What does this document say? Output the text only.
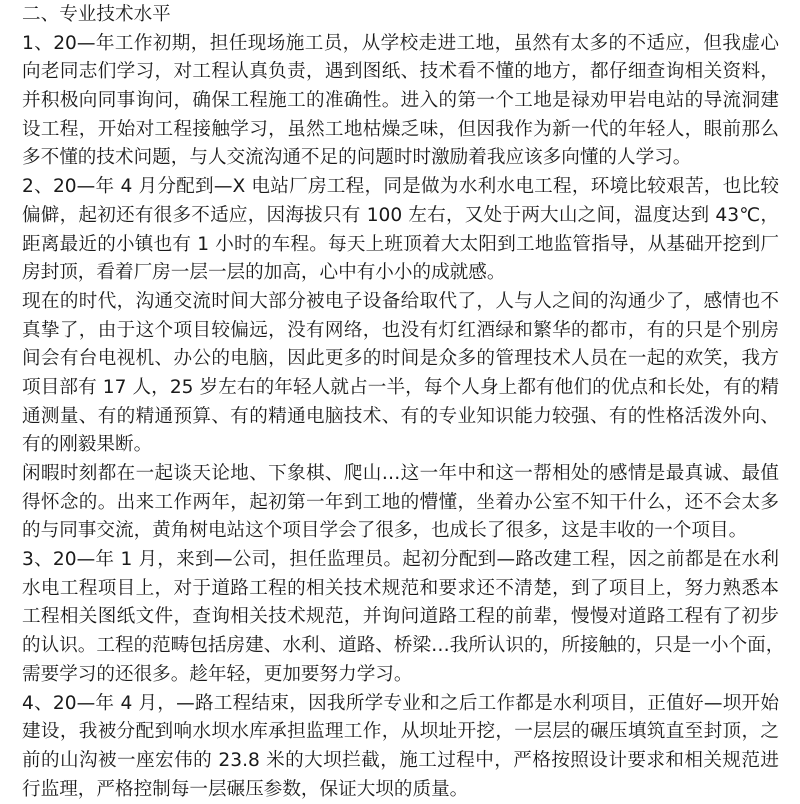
二、专业技术水平
1、20—年工作初期，担任现场施工员，从学校走进工地，虽然有太多的不适应，但我虚心
向老同志们学习，对工程认真负责，遇到图纸、技术看不懂的地方，都仔细查询相关资料，
并积极向同事询问，确保工程施工的准确性。进入的第一个工地是禄劝甲岩电站的导流洞建
设工程，开始对工程接触学习，虽然工地枯燥乏味，但因我作为新一代的年轻人，眼前那么
多不懂的技术问题，与人交流沟通不足的问题时时激励着我应该多向懂的人学习。
2、20—年 4 月分配到—X 电站厂房工程，同是做为水利水电工程，环境比较艰苦，也比较
偏僻，起初还有很多不适应，因海拔只有 100 左右，又处于两大山之间，温度达到 43℃，
距离最近的小镇也有 1 小时的车程。每天上班顶着大太阳到工地监管指导，从基础开挖到厂
房封顶，看着厂房一层一层的加高，心中有小小的成就感。
现在的时代，沟通交流时间大部分被电子设备给取代了，人与人之间的沟通少了，感情也不
真挚了，由于这个项目较偏远，没有网络，也没有灯红酒绿和繁华的都市，有的只是个别房
间会有台电视机、办公的电脑，因此更多的时间是众多的管理技术人员在一起的欢笑，我方
项目部有 17 人，25 岁左右的年轻人就占一半，每个人身上都有他们的优点和长处，有的精
通测量、有的精通预算、有的精通电脑技术、有的专业知识能力较强、有的性格活泼外向、
有的刚毅果断。
闲暇时刻都在一起谈天论地、下象棋、爬山…这一年中和这一帮相处的感情是最真诚、最值
得怀念的。出来工作两年，起初第一年到工地的懵懂，坐着办公室不知干什么，还不会太多
的与同事交流，黄角树电站这个项目学会了很多，也成长了很多，这是丰收的一个项目。
3、20—年 1 月，来到—公司，担任监理员。起初分配到—路改建工程，因之前都是在水利
水电工程项目上，对于道路工程的相关技术规范和要求还不清楚，到了项目上，努力熟悉本
工程相关图纸文件，查询相关技术规范，并询问道路工程的前辈，慢慢对道路工程有了初步
的认识。工程的范畴包括房建、水利、道路、桥梁…我所认识的，所接触的，只是一小个面，
需要学习的还很多。趁年轻，更加要努力学习。
4、20—年 4 月，—路工程结束，因我所学专业和之后工作都是水利项目，正值好—坝开始
建设，我被分配到响水坝水库承担监理工作，从坝址开挖，一层层的碾压填筑直至封顶，之
前的山沟被一座宏伟的 23.8 米的大坝拦截，施工过程中，严格按照设计要求和相关规范进
行监理，严格控制每一层碾压参数，保证大坝的质量。
